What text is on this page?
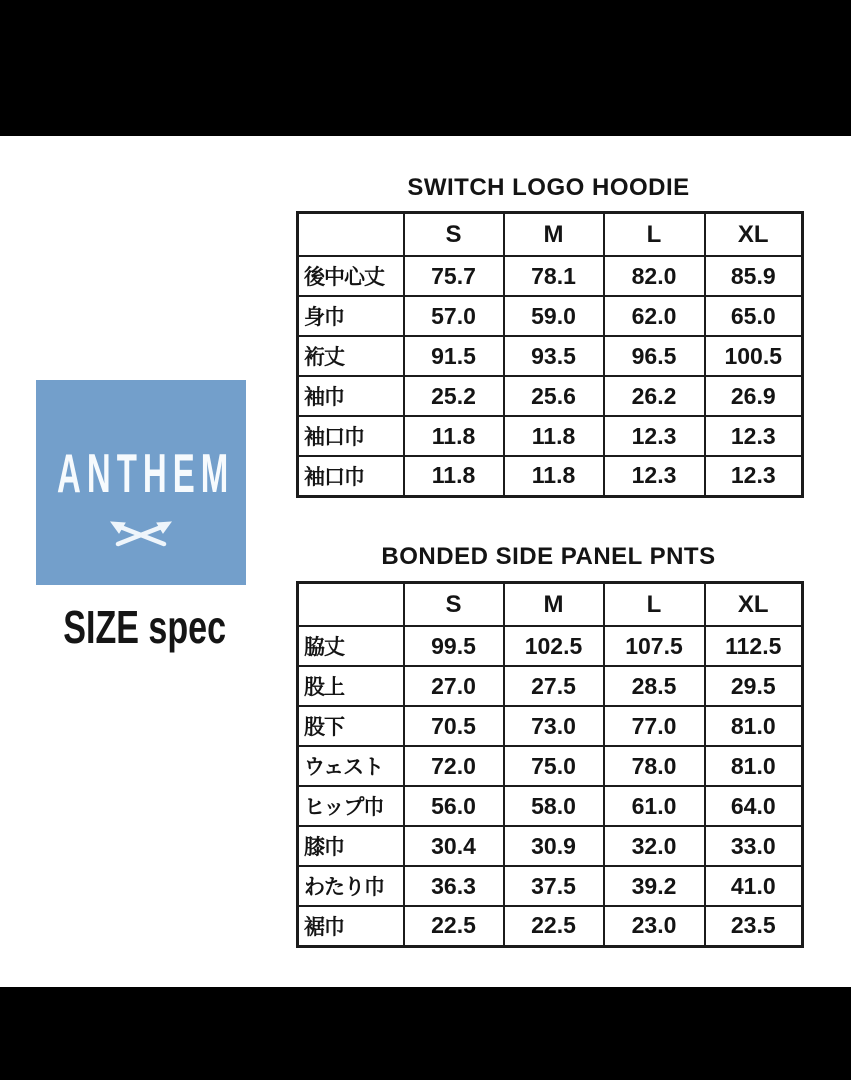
ANTHEM
SIZE spec
SWITCH LOGO HOODIE
	S	M	L	XL
後中心丈	75.7	78.1	82.0	85.9
身巾	57.0	59.0	62.0	65.0
裄丈	91.5	93.5	96.5	100.5
袖巾	25.2	25.6	26.2	26.9
袖口巾	11.8	11.8	12.3	12.3
袖口巾	11.8	11.8	12.3	12.3
BONDED SIDE PANEL PNTS
	S	M	L	XL
脇丈	99.5	102.5	107.5	112.5
股上	27.0	27.5	28.5	29.5
股下	70.5	73.0	77.0	81.0
ウェスト	72.0	75.0	78.0	81.0
ヒップ巾	56.0	58.0	61.0	64.0
膝巾	30.4	30.9	32.0	33.0
わたり巾	36.3	37.5	39.2	41.0
裾巾	22.5	22.5	23.0	23.5
